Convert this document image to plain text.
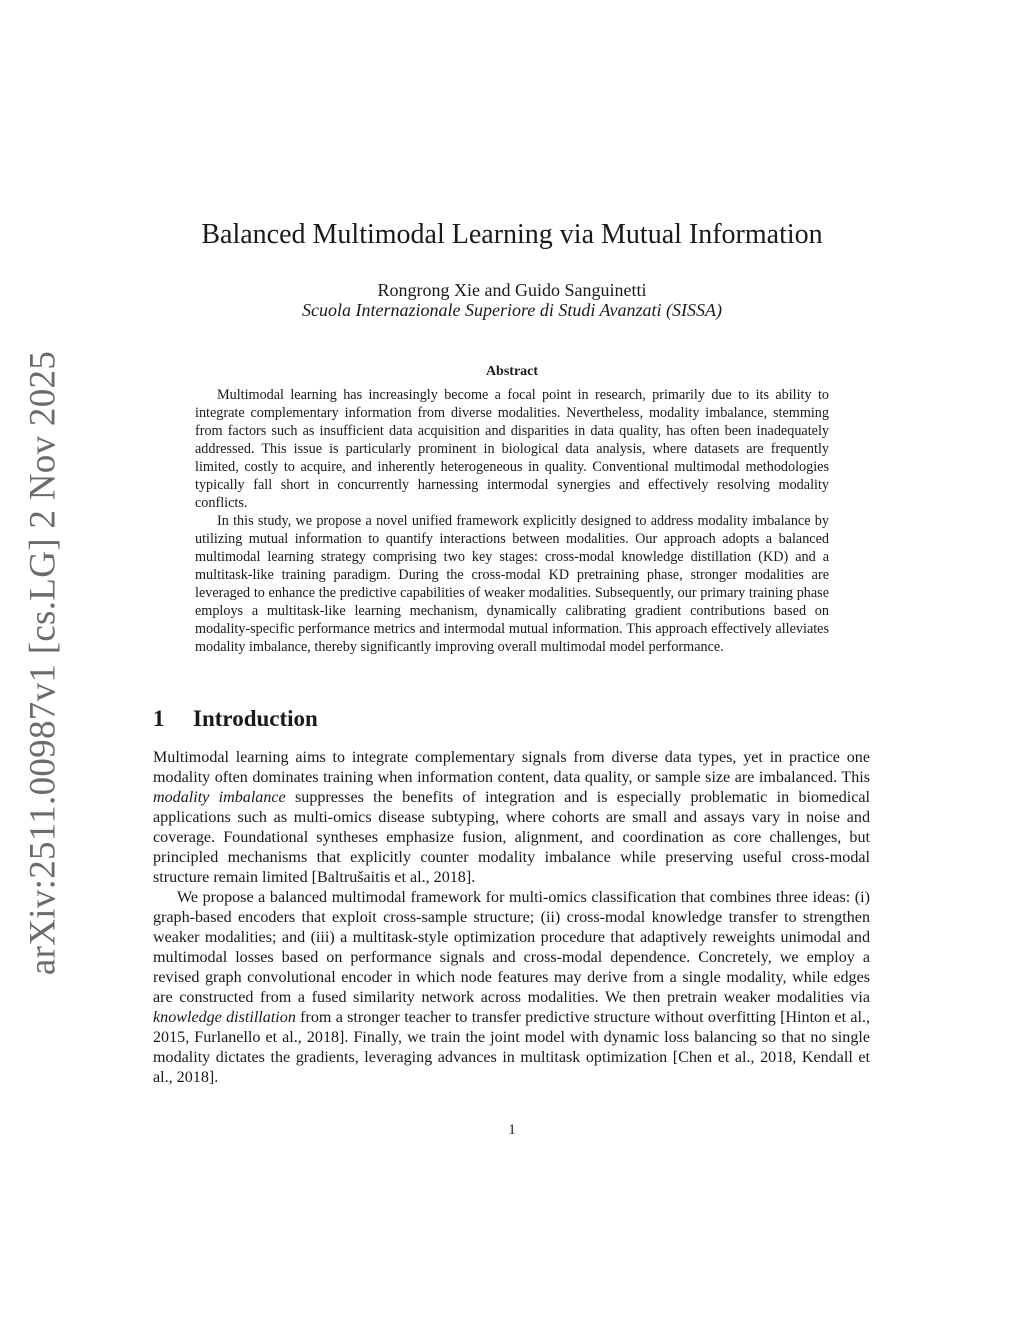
arXiv:2511.00987v1 [cs.LG] 2 Nov 2025
Balanced Multimodal Learning via Mutual Information
Rongrong Xie and Guido Sanguinetti
Scuola Internazionale Superiore di Studi Avanzati (SISSA)
Abstract

Multimodal learning has increasingly become a focal point in research, primarily due to its ability to integrate complementary information from diverse modalities. Nevertheless, modality imbalance, stemming from factors such as insufficient data acquisition and disparities in data quality, has often been inadequately addressed. This issue is particularly prominent in biological data analysis, where datasets are frequently limited, costly to acquire, and inherently heterogeneous in quality. Conventional multimodal methodologies typically fall short in concurrently harnessing intermodal synergies and effectively resolving modality conflicts.

In this study, we propose a novel unified framework explicitly designed to address modality imbalance by utilizing mutual information to quantify interactions between modalities. Our approach adopts a balanced multimodal learning strategy comprising two key stages: cross-modal knowledge distillation (KD) and a multitask-like training paradigm. During the cross-modal KD pretraining phase, stronger modalities are leveraged to enhance the predictive capabilities of weaker modalities. Subsequently, our primary training phase employs a multitask-like learning mechanism, dynamically calibrating gradient contributions based on modality-specific performance metrics and intermodal mutual information. This approach effectively alleviates modality imbalance, thereby significantly improving overall multimodal model performance.

1 Introduction

Multimodal learning aims to integrate complementary signals from diverse data types, yet in practice one modality often dominates training when information content, data quality, or sample size are imbalanced. This modality imbalance suppresses the benefits of integration and is especially problematic in biomedical applications such as multi-omics disease subtyping, where cohorts are small and assays vary in noise and coverage. Foundational syntheses emphasize fusion, alignment, and coordination as core challenges, but principled mechanisms that explicitly counter modality imbalance while preserving useful cross-modal structure remain limited [Baltrušaitis et al., 2018].

We propose a balanced multimodal framework for multi-omics classification that combines three ideas: (i) graph-based encoders that exploit cross-sample structure; (ii) cross-modal knowledge transfer to strengthen weaker modalities; and (iii) a multitask-style optimization procedure that adaptively reweights unimodal and multimodal losses based on performance signals and cross-modal dependence. Concretely, we employ a revised graph convolutional encoder in which node features may derive from a single modality, while edges are constructed from a fused similarity network across modalities. We then pretrain weaker modalities via knowledge distillation from a stronger teacher to transfer predictive structure without overfitting [Hinton et al., 2015, Furlanello et al., 2018]. Finally, we train the joint model with dynamic loss balancing so that no single modality dictates the gradients, leveraging advances in multitask optimization [Chen et al., 2018, Kendall et al., 2018].

1
